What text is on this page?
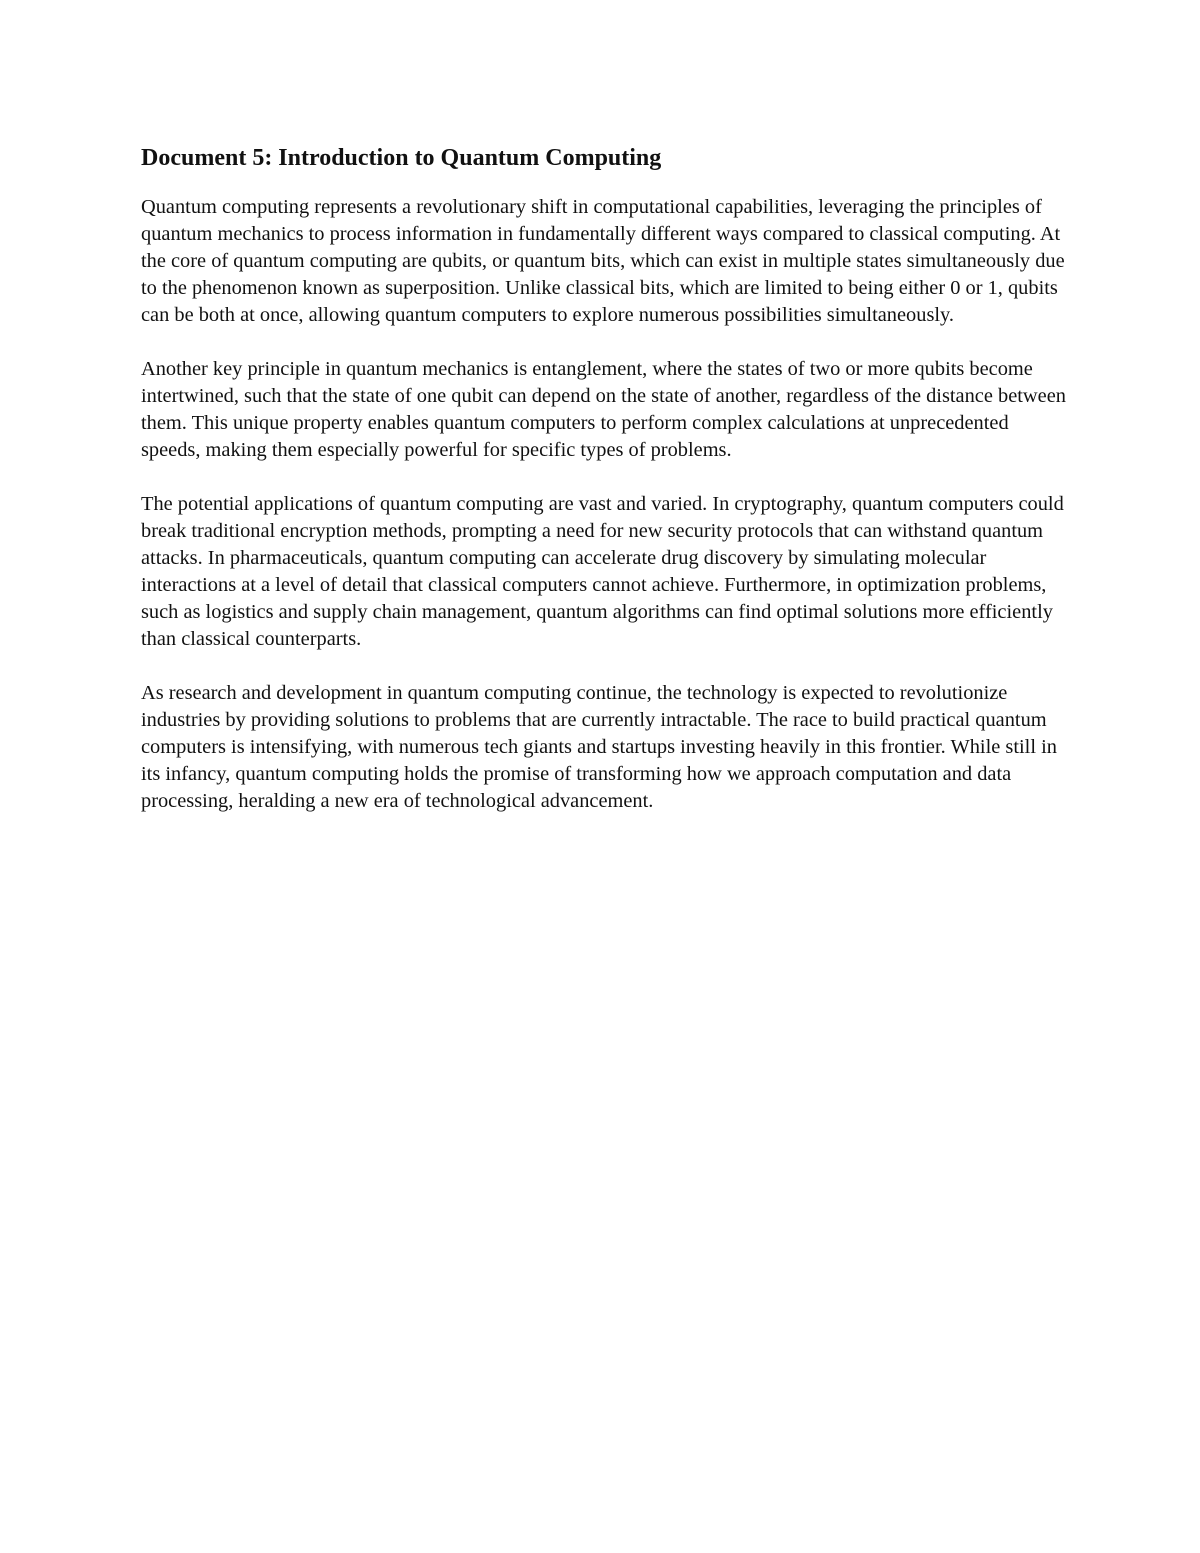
Document 5: Introduction to Quantum Computing

Quantum computing represents a revolutionary shift in computational capabilities, leveraging the principles of quantum mechanics to process information in fundamentally different ways compared to classical computing. At the core of quantum computing are qubits, or quantum bits, which can exist in multiple states simultaneously due to the phenomenon known as superposition. Unlike classical bits, which are limited to being either 0 or 1, qubits can be both at once, allowing quantum computers to explore numerous possibilities simultaneously.

Another key principle in quantum mechanics is entanglement, where the states of two or more qubits become intertwined, such that the state of one qubit can depend on the state of another, regardless of the distance between them. This unique property enables quantum computers to perform complex calculations at unprecedented speeds, making them especially powerful for specific types of problems.

The potential applications of quantum computing are vast and varied. In cryptography, quantum computers could break traditional encryption methods, prompting a need for new security protocols that can withstand quantum attacks. In pharmaceuticals, quantum computing can accelerate drug discovery by simulating molecular interactions at a level of detail that classical computers cannot achieve. Furthermore, in optimization problems, such as logistics and supply chain management, quantum algorithms can find optimal solutions more efficiently than classical counterparts.

As research and development in quantum computing continue, the technology is expected to revolutionize industries by providing solutions to problems that are currently intractable. The race to build practical quantum computers is intensifying, with numerous tech giants and startups investing heavily in this frontier. While still in its infancy, quantum computing holds the promise of transforming how we approach computation and data processing, heralding a new era of technological advancement.
